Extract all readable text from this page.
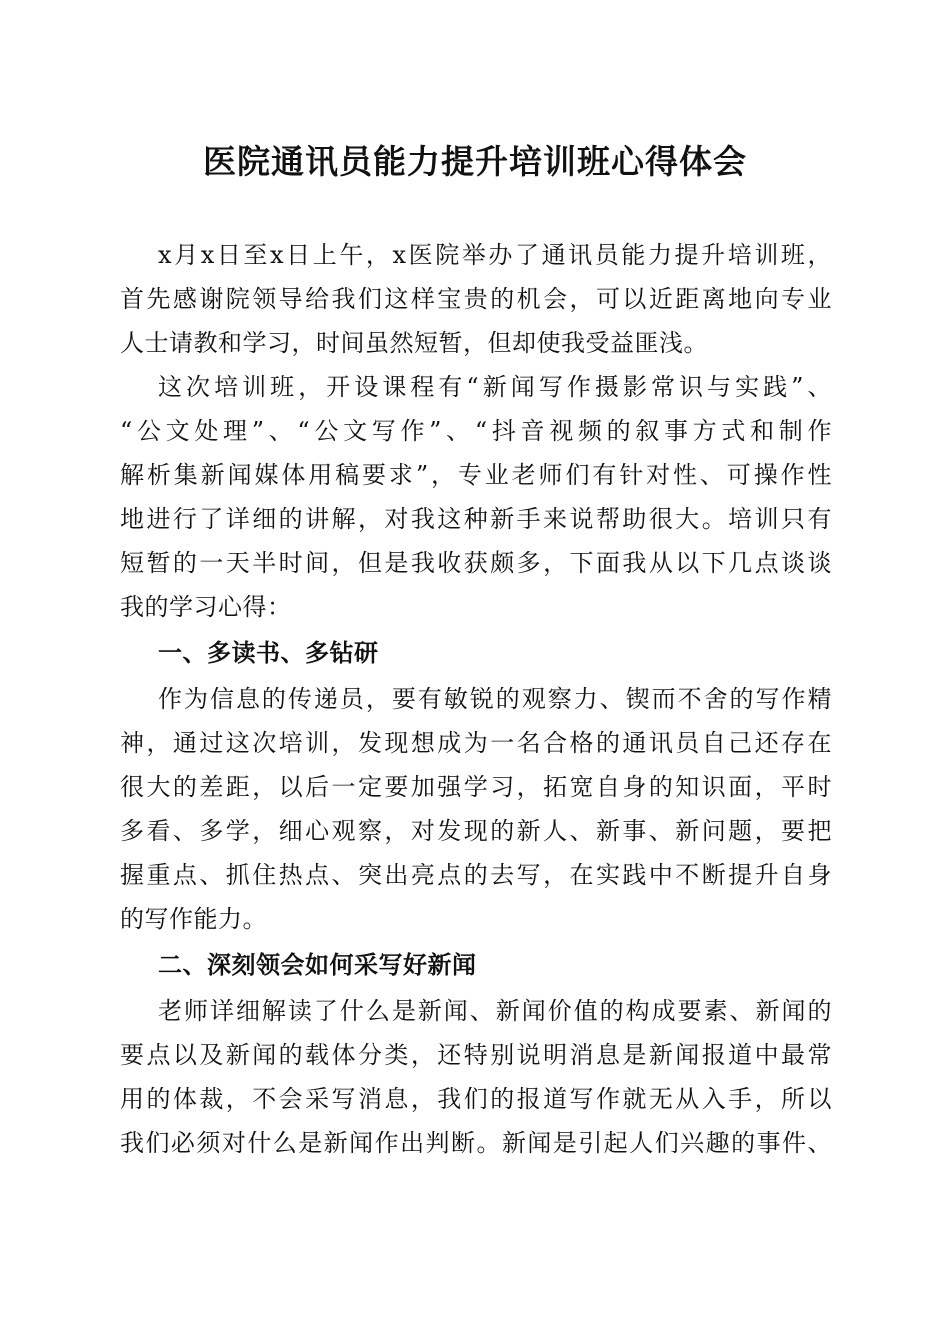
医院通讯员能力提升培训班心得体会

x月x日至x日上午，x医院举办了通讯员能力提升培训班，

首先感谢院领导给我们这样宝贵的机会，可以近距离地向专业

人士请教和学习，时间虽然短暂，但却使我受益匪浅。

这次培训班，开设课程有“新闻写作摄影常识与实践”、

“公文处理”、“公文写作”、“抖音视频的叙事方式和制作

解析集新闻媒体用稿要求”，专业老师们有针对性、可操作性

地进行了详细的讲解，对我这种新手来说帮助很大。培训只有

短暂的一天半时间，但是我收获颇多，下面我从以下几点谈谈

我的学习心得：

一、多读书、多钻研

作为信息的传递员，要有敏锐的观察力、锲而不舍的写作精

神，通过这次培训，发现想成为一名合格的通讯员自己还存在

很大的差距，以后一定要加强学习，拓宽自身的知识面，平时

多看、多学，细心观察，对发现的新人、新事、新问题，要把

握重点、抓住热点、突出亮点的去写，在实践中不断提升自身

的写作能力。

二、深刻领会如何采写好新闻

老师详细解读了什么是新闻、新闻价值的构成要素、新闻的

要点以及新闻的载体分类，还特别说明消息是新闻报道中最常

用的体裁，不会采写消息，我们的报道写作就无从入手，所以

我们必须对什么是新闻作出判断。新闻是引起人们兴趣的事件、
